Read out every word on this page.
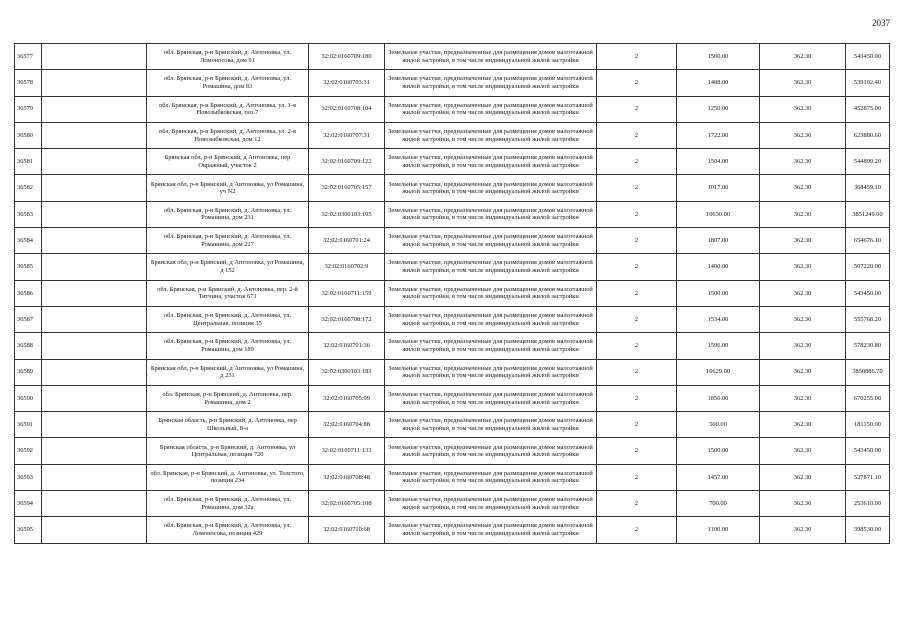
2037
36577		обл. Брянская, р-н Брянский, д. Антоновка, ул. Ломоносова, дом 91	32:02:0160709:180	Земельные участки, предназначенные для размещения домов малоэтажной жилой застройки, в том числе индивидуальной жилой застройки	2	1500.00	362.30	543450.00
36578		обл. Брянская, р-н Брянский, д. Антоновка, ул. Ромашина, дом 83	32:02:0160703:31	Земельные участки, предназначенные для размещения домов малоэтажной жилой застройки, в том числе индивидуальной жилой застройки	2	1488.00	362.30	539102.40
36579		обл. Брянская, р-н Брянский, д. Антоновка, ул. 1-я Новозыбковская, поз.7	32:02:0160708:104	Земельные участки, предназначенные для размещения домов малоэтажной жилой застройки, в том числе индивидуальной жилой застройки	2	1250.00	362.30	452875.00
36580		обл. Брянская, р-н Брянский, д. Антоновка, ул. 2-я Новозыбковская, дом 12	32:02:0160707:31	Земельные участки, предназначенные для размещения домов малоэтажной жилой застройки, в том числе индивидуальной жилой застройки	2	1722.00	362.30	623880.60
36581		Брянская обл, р-н Брянский, д Антоновка, пер Овражный, участок 2	32:02:0160709:122	Земельные участки, предназначенные для размещения домов малоэтажной жилой застройки, в том числе индивидуальной жилой застройки	2	1504.00	362.30	544899.20
36582		Брянская обл, р-н Брянский, д Антоновка, ул Ромашина, уч N2	32:02:0160705:157	Земельные участки, предназначенные для размещения домов малоэтажной жилой застройки, в том числе индивидуальной жилой застройки	2	1017.00	362.30	368459.10
36583		обл. Брянская, р-н Брянский, д. Антоновка, ул. Ромашина, дом 231	32:02:0300103:105	Земельные участки, предназначенные для размещения домов малоэтажной жилой застройки, в том числе индивидуальной жилой застройки	2	10630.00	362.30	3851249.00
36584		обл. Брянская, р-н Брянский, д. Антоновка, ул. Ромашина, дом 227	32:02:0160701:24	Земельные участки, предназначенные для размещения домов малоэтажной жилой застройки, в том числе индивидуальной жилой застройки	2	1807.00	362.30	654676.10
36585		Брянская обл, р-н Брянский, д Антоновка, ул Ромашина, д 152	32:02:0160702:9	Земельные участки, предназначенные для размещения домов малоэтажной жилой застройки, в том числе индивидуальной жилой застройки	2	1400.00	362.30	507220.00
36586		обл. Брянская, р-н Брянский, д. Антоновка, пер. 2-й Титчина, участок 671	32:02:0160711:159	Земельные участки, предназначенные для размещения домов малоэтажной жилой застройки, в том числе индивидуальной жилой застройки	2	1500.00	362.30	543450.00
36587		обл. Брянская, р-н Брянский, д. Антоновка, ул. Центральная, позиция 35	32:02:0160708:172	Земельные участки, предназначенные для размещения домов малоэтажной жилой застройки, в том числе индивидуальной жилой застройки	2	1534.00	362.30	555768.20
36588		обл. Брянская, р-н Брянский, д. Антоновка, ул. Ромашина, дом 189	32:02:0160701:36	Земельные участки, предназначенные для размещения домов малоэтажной жилой застройки, в том числе индивидуальной жилой застройки	2	1596.00	362.30	578230.80
36589		Брянская обл, р-н Брянский, д Антоновка, ул Ромашина, д 231	32:02:0300103:183	Земельные участки, предназначенные для размещения домов малоэтажной жилой застройки, в том числе индивидуальной жилой застройки	2	10629.00	362.30	3850886.70
36590		обл. Брянская, р-н Брянский, д. Антоновка, пер. Ромашина, дом 2	32:02:0160705:99	Земельные участки, предназначенные для размещения домов малоэтажной жилой застройки, в том числе индивидуальной жилой застройки	2	1850.00	362.30	670255.00
36591		Брянская область, р-н Брянский, д. Антоновка, пер Школьный, 8-а	32:02:0160704:88	Земельные участки, предназначенные для размещения домов малоэтажной жилой застройки, в том числе индивидуальной жилой застройки	2	500.00	362.30	181150.00
36592		Брянская область, р-н Брянский, д. Антоновка, ул Центральная, позиция 720	32:02:0160711:133	Земельные участки, предназначенные для размещения домов малоэтажной жилой застройки, в том числе индивидуальной жилой застройки	2	1500.00	362.30	543450.00
36593		обл. Брянская, р-н Брянский, д. Антоновка, ул. Толстого, позиция 234	32:02:0160708:48	Земельные участки, предназначенные для размещения домов малоэтажной жилой застройки, в том числе индивидуальной жилой застройки	2	1457.00	362.30	527871.10
36594		обл. Брянская, р-н Брянский, д. Антоновка, ул. Ромашина, дом 32а	32:02:0160705:108	Земельные участки, предназначенные для размещения домов малоэтажной жилой застройки, в том числе индивидуальной жилой застройки	2	700.00	362.30	253610.00
36595		обл. Брянская, р-н Брянский, д. Антоновка, ул. Ломоносова, позиция 429	32:02:0160710:68	Земельные участки, предназначенные для размещения домов малоэтажной жилой застройки, в том числе индивидуальной жилой застройки	2	1100.00	362.30	398530.00
